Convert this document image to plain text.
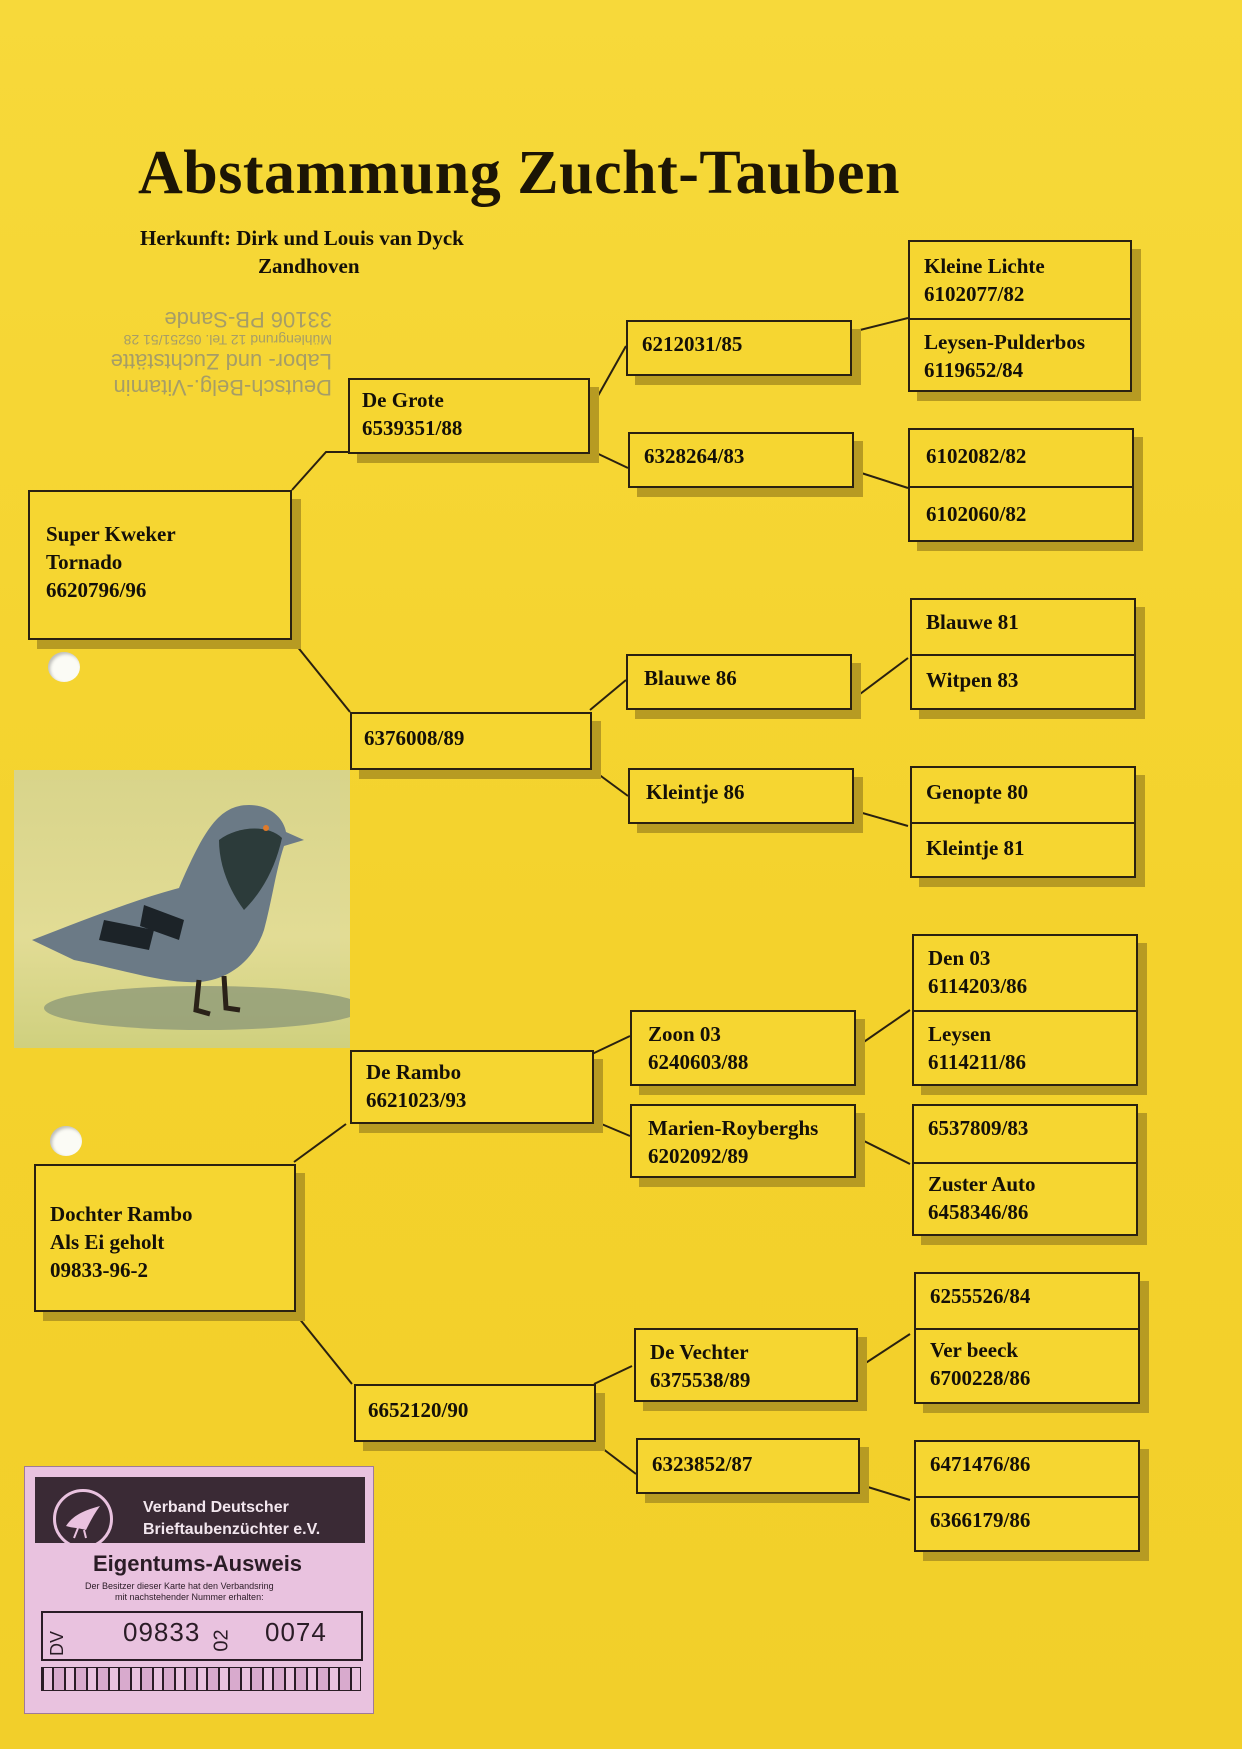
Abstammung Zucht-Tauben
Herkunft: Dirk und Louis van Dyck
Zandhoven
Deutsch-Belg.-Vitamin
Labor- und Zuchtstätte
Mühlengrund 12 Tel. 05251/51 28
33106 PB-Sande
Super Kweker
Tornado
6620796/96
De Grote
6539351/88
6376008/89
6212031/85
6328264/83
Blauwe 86
Kleintje 86
Kleine Lichte
6102077/82
Leysen-Pulderbos
6119652/84
6102082/82
6102060/82
Blauwe 81
Witpen 83
Genopte 80
Kleintje 81
De Rambo
6621023/93
Dochter Rambo
Als Ei geholt
09833-96-2
6652120/90
Zoon 03
6240603/88
Marien-Royberghs
6202092/89
De Vechter
6375538/89
6323852/87
Den 03
6114203/86
Leysen
6114211/86
6537809/83
Zuster Auto
6458346/86
6255526/84
Ver beeck
6700228/86
6471476/86
6366179/86
Verband Deutscher
Brieftaubenzüchter e.V.
Eigentums-Ausweis
Der Besitzer dieser Karte hat den Verbandsring
mit nachstehender Nummer erhalten:
DV 09833 02 0074
